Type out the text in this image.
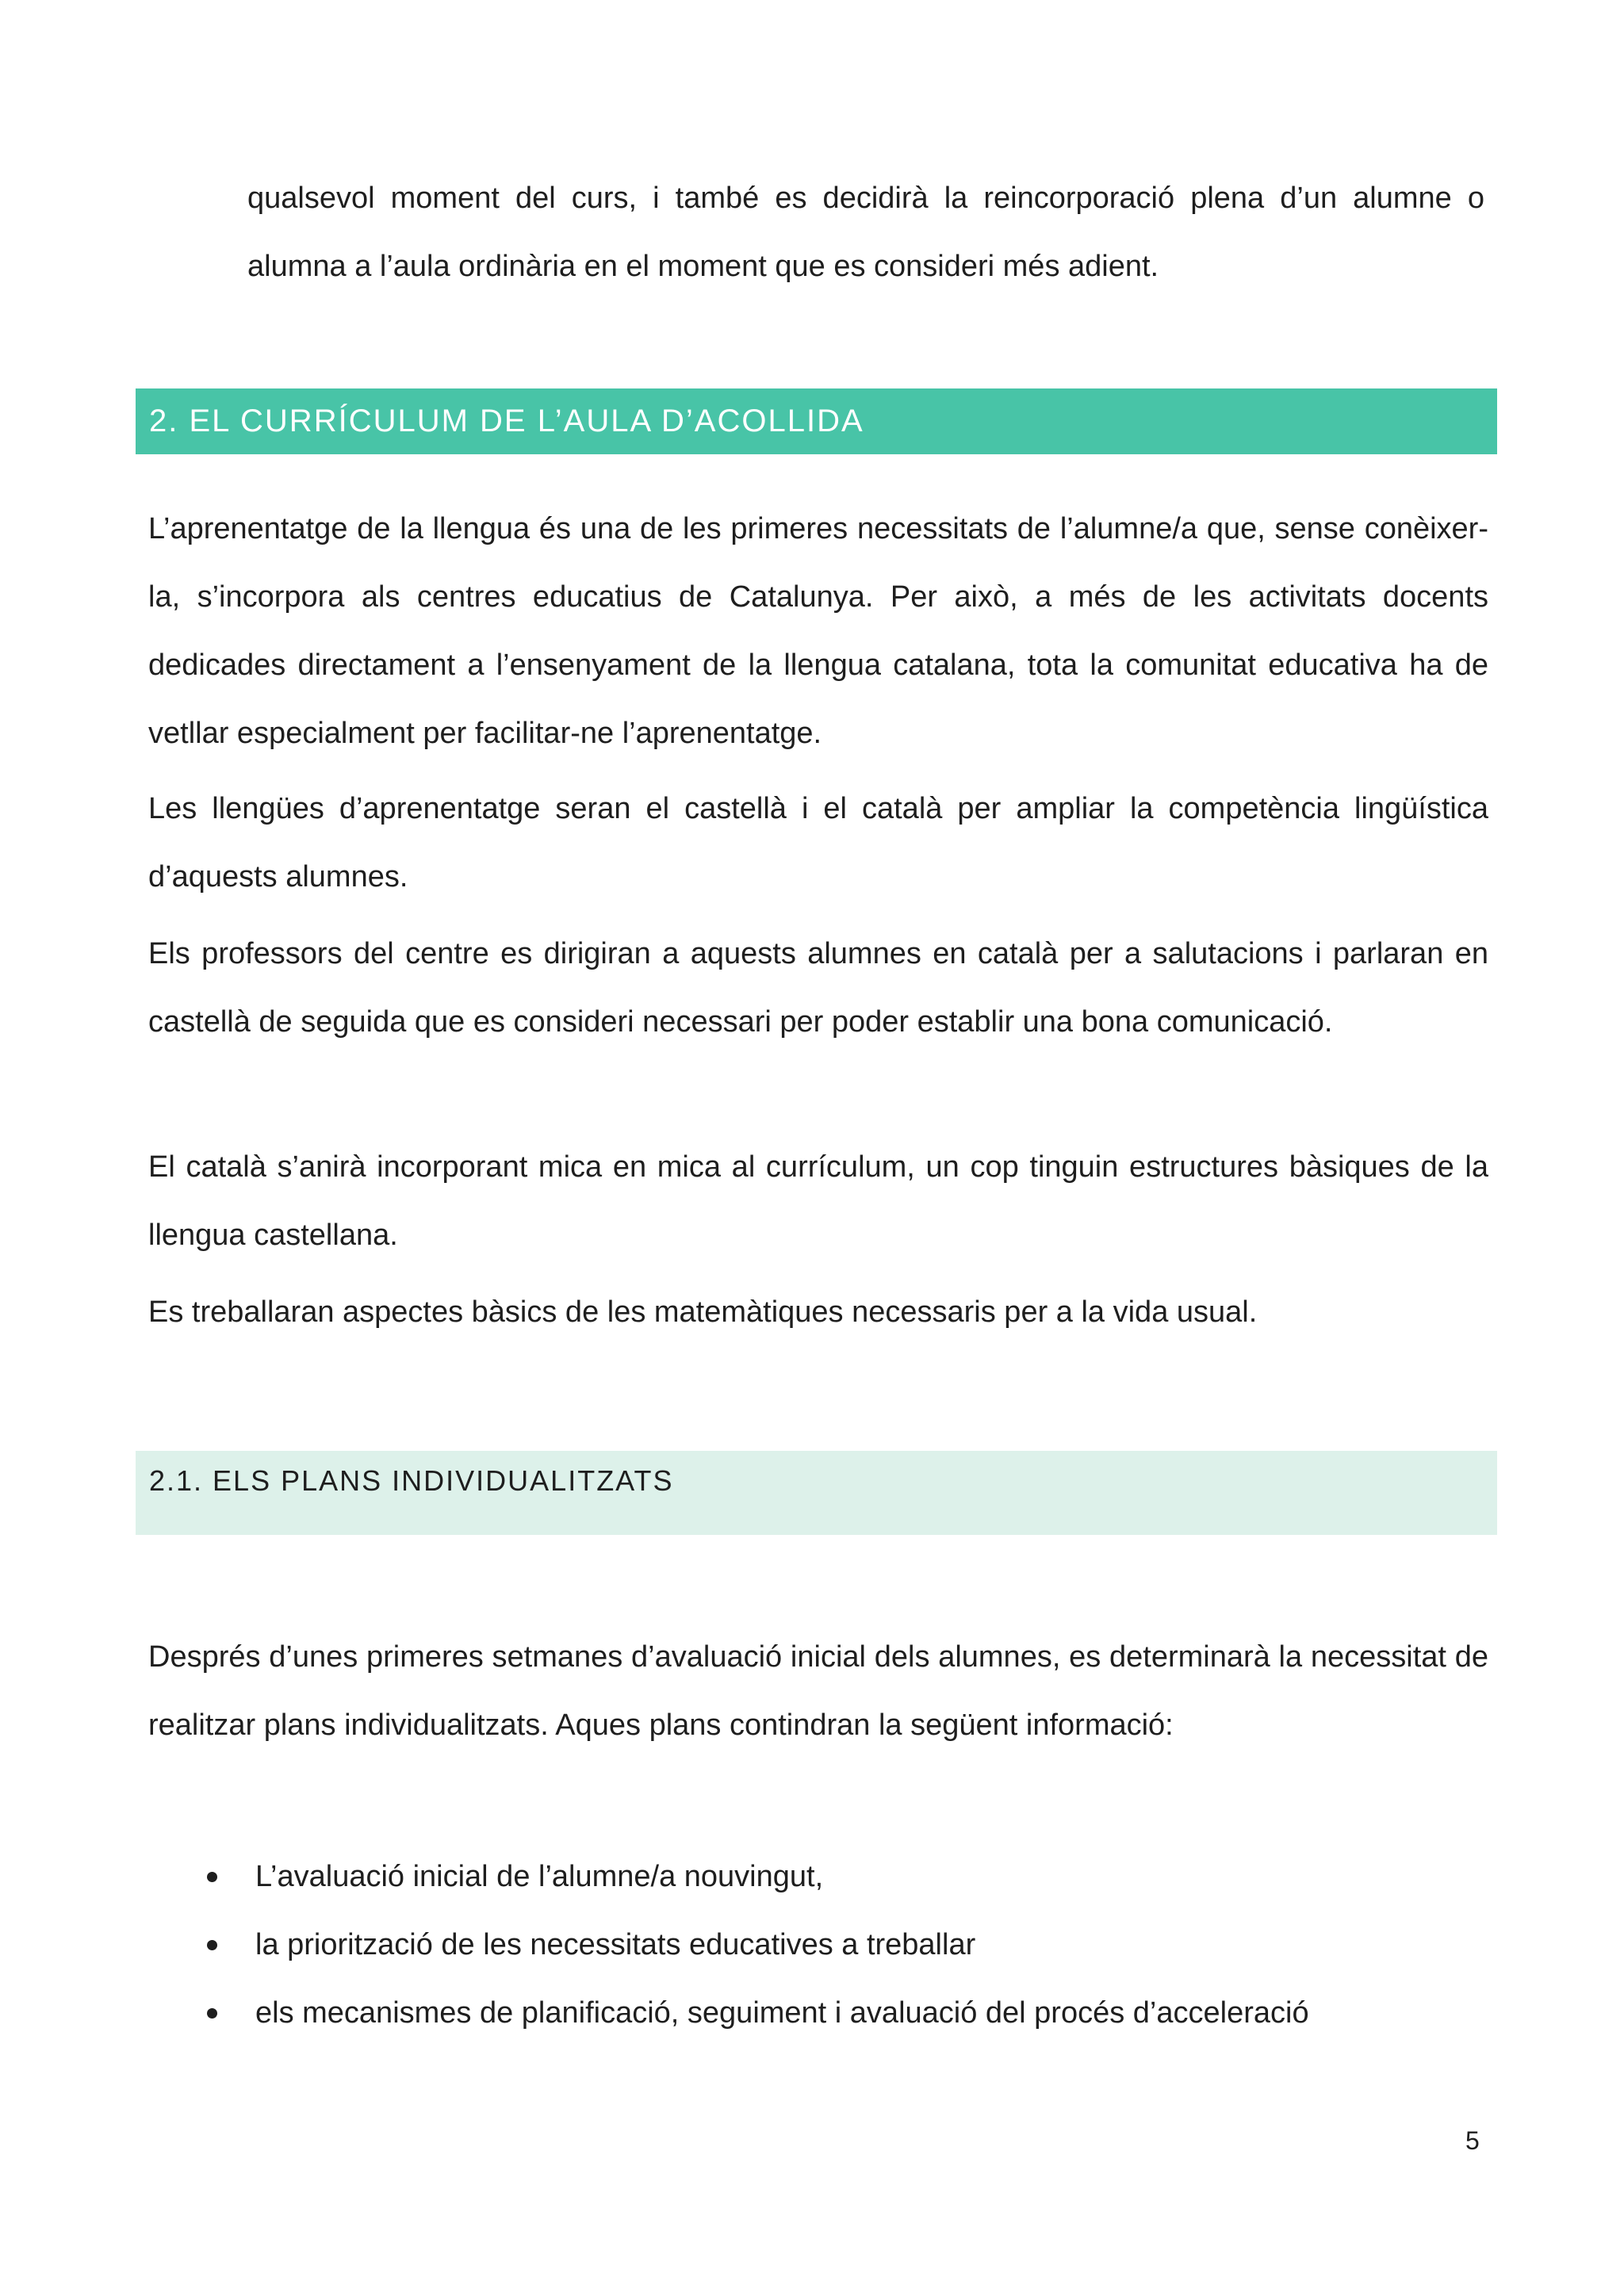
qualsevol moment del curs, i també es decidirà la reincorporació plena d’un alumne o alumna a l’aula ordinària en el moment que es consideri més adient.

2. EL CURRÍCULUM DE L’AULA D’ACOLLIDA

L’aprenentatge de la llengua és una de les primeres necessitats de l’alumne/a que, sense conèixer-la, s’incorpora als centres educatius de Catalunya. Per això, a més de les activitats docents dedicades directament a l’ensenyament de la llengua catalana, tota la comunitat educativa ha de vetllar especialment per facilitar-ne l’aprenentatge.

Les llengües d’aprenentatge seran el castellà i el català per ampliar la competència lingüística d’aquests alumnes.

Els professors del centre es dirigiran a aquests alumnes en català per a salutacions i parlaran en castellà de seguida que es consideri necessari per poder establir una bona comunicació.

El català s’anirà incorporant mica en mica al currículum, un cop tinguin estructures bàsiques de la llengua castellana.

Es treballaran aspectes bàsics de les matemàtiques necessaris per a la vida usual.

2.1. ELS PLANS INDIVIDUALITZATS

Després d’unes primeres setmanes d’avaluació inicial dels alumnes, es determinarà la necessitat de realitzar plans individualitzats. Aques plans contindran la següent informació:

L’avaluació inicial de l’alumne/a nouvingut,
la priorització de les necessitats educatives a treballar
els mecanismes de planificació, seguiment i avaluació del procés d’acceleració
5
